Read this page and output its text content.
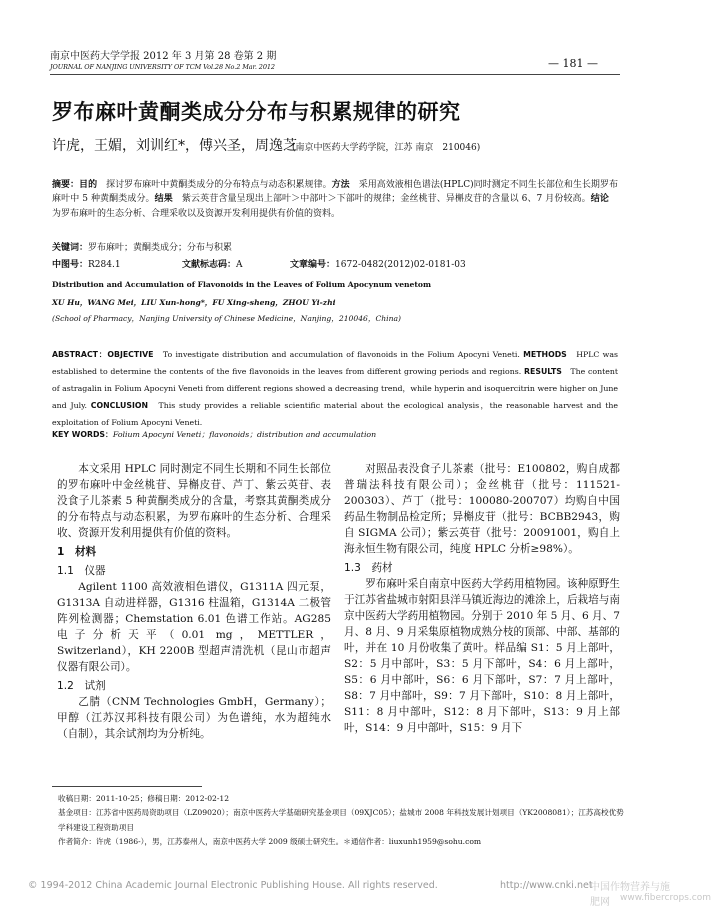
南京中医药大学学报 2012 年 3 月第 28 卷第 2 期
JOURNAL OF NANJING UNIVERSITY OF TCM Vol.28 No.2 Mar. 2012	— 181 —
罗布麻叶黄酮类成分分布与积累规律的研究
许虎，王媚，刘训红*，傅兴圣，周逸芝
(南京中医药大学药学院，江苏 南京　210046)
摘要：目的　探讨罗布麻叶中黄酮类成分的分布特点与动态积累规律。方法　采用高效液相色谱法(HPLC)同时测定不同生长部位和生长期罗布麻叶中 5 种黄酮类成分。结果　紫云英苷含量呈现出上部叶＞中部叶＞下部叶的规律；金丝桃苷、异槲皮苷的含量以 6、7 月份较高。结论　为罗布麻叶的生态分析、合理采收以及资源开发利用提供有价值的资料。
关键词：罗布麻叶；黄酮类成分；分布与积累
中图号：R284.1	文献标志码：A	文章编号：1672-0482(2012)02-0181-03
Distribution and Accumulation of Flavonoids in the Leaves of Folium Apocynum venetom
XU Hu，WANG Mei，LIU Xun-hong*，FU Xing-sheng，ZHOU Yi-zhi
(School of Pharmacy，Nanjing University of Chinese Medicine，Nanjing，210046，China)
ABSTRACT：OBJECTIVE　To investigate distribution and accumulation of flavonoids in the Folium Apocyni Veneti. METHODS　HPLC was established to determine the contents of the five flavonoids in the leaves from different growing periods and regions. RESULTS　The content of astragalin in Folium Apocyni Veneti from different regions showed a decreasing trend，while hyperin and isoquercitrin were higher on June and July. CONCLUSION　This study provides a reliable scientific material about the ecological analysis，the reasonable harvest and the exploitation of Folium Apocyni Veneti.
KEY WORDS：Folium Apocyni Veneti；flavonoids；distribution and accumulation

本文采用 HPLC 同时测定不同生长期和不同生长部位的罗布麻叶中金丝桃苷、异槲皮苷、芦丁、紫云英苷、表没食子儿茶素 5 种黄酮类成分的含量，考察其黄酮类成分的分布特点与动态积累，为罗布麻叶的生态分析、合理采收、资源开发利用提供有价值的资料。

1　材料

1.1　仪器

Agilent 1100 高效液相色谱仪，G1311A 四元泵，G1313A 自动进样器，G1316 柱温箱，G1314A 二极管阵列检测器；Chemstation 6.01 色谱工作站。AG285 电子分析天平（0.01 mg，METTLER，Switzerland），KH 2200B 型超声清洗机（昆山市超声仪器有限公司）。

1.2　试剂

乙腈（CNM Technologies GmbH，Germany）；甲醇（江苏汉邦科技有限公司）为色谱纯，水为超纯水（自制），其余试剂均为分析纯。

对照品表没食子儿茶素（批号：E100802，购自成都普瑞法科技有限公司）；金丝桃苷（批号：111521-200303）、芦丁（批号：100080-200707）均购自中国药品生物制品检定所；异槲皮苷（批号：BCBB2943，购自 SIGMA 公司）；紫云英苷（批号：20091001，购自上海永恒生物有限公司，纯度 HPLC 分析≥98%）。

1.3　药材

罗布麻叶采自南京中医药大学药用植物园。该种原野生于江苏省盐城市射阳县洋马镇近海边的滩涂上，后栽培与南京中医药大学药用植物园。分别于 2010 年 5 月、6 月、7 月、8 月、9 月采集原植物成熟分枝的顶部、中部、基部的叶，并在 10 月份收集了黄叶。样品编 S1：5 月上部叶，S2：5 月中部叶，S3：5 月下部叶，S4：6 月上部叶，S5：6 月中部叶，S6：6 月下部叶，S7：7 月上部叶，S8：7 月中部叶，S9：7 月下部叶，S10：8 月上部叶，S11：8 月中部叶，S12：8 月下部叶，S13：9 月上部叶，S14：9 月中部叶，S15：9 月下

收稿日期：2011-10-25；修稿日期：2012-02-12
基金项目：江苏省中医药局资助项目（LZ09020）；南京中医药大学基础研究基金项目（09XJC05）；盐城市 2008 年科技发展计划项目（YK2008081）；江苏高校优势学科建设工程资助项目
作者简介：许虎（1986-），男，江苏泰州人，南京中医药大学 2009 级硕士研究生。＊通信作者：liuxunh1959@sohu.com
© 1994-2012 China Academic Journal Electronic Publishing House. All rights reserved.	http://www.cnki.net
中国作物营养与施肥网	www.fibercrops.com
